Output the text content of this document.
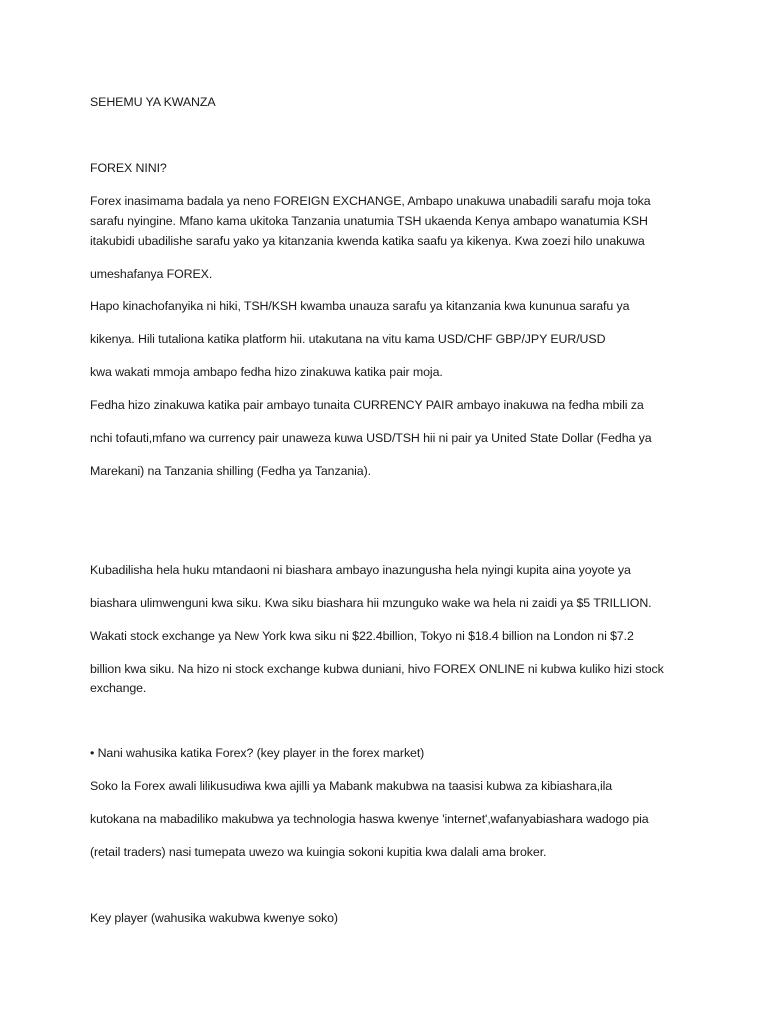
SEHEMU YA KWANZA
FOREX NINI?
Forex inasimama badala ya neno FOREIGN EXCHANGE, Ambapo unakuwa unabadili sarafu moja toka
sarafu nyingine. Mfano kama ukitoka Tanzania unatumia TSH ukaenda Kenya ambapo wanatumia KSH
itakubidi ubadilishe sarafu yako ya kitanzania kwenda katika saafu ya kikenya. Kwa zoezi hilo unakuwa
umeshafanya FOREX.
Hapo kinachofanyika ni hiki, TSH/KSH kwamba unauza sarafu ya kitanzania kwa kununua sarafu ya
kikenya. Hili tutaliona katika platform hii. utakutana na vitu kama USD/CHF GBP/JPY EUR/USD
kwa wakati mmoja ambapo fedha hizo zinakuwa katika pair moja.
Fedha hizo zinakuwa katika pair ambayo tunaita CURRENCY PAIR ambayo inakuwa na fedha mbili za
nchi tofauti,mfano wa currency pair unaweza kuwa USD/TSH hii ni pair ya United State Dollar (Fedha ya
Marekani) na Tanzania shilling (Fedha ya Tanzania).
Kubadilisha hela huku mtandaoni ni biashara ambayo inazungusha hela nyingi kupita aina yoyote ya
biashara ulimwenguni kwa siku. Kwa siku biashara hii mzunguko wake wa hela ni zaidi ya $5 TRILLION.
Wakati stock exchange ya New York kwa siku ni $22.4billion, Tokyo ni $18.4 billion na London ni $7.2
billion kwa siku. Na hizo ni stock exchange kubwa duniani, hivo FOREX ONLINE ni kubwa kuliko hizi stock
exchange.
• Nani wahusika katika Forex? (key player in the forex market)
Soko la Forex awali lilikusudiwa kwa ajilli ya Mabank makubwa na taasisi kubwa za kibiashara,ila
kutokana na mabadiliko makubwa ya technologia haswa kwenye 'internet',wafanyabiashara wadogo pia
(retail traders) nasi tumepata uwezo wa kuingia sokoni kupitia kwa dalali ama broker.
Key player (wahusika wakubwa kwenye soko)
